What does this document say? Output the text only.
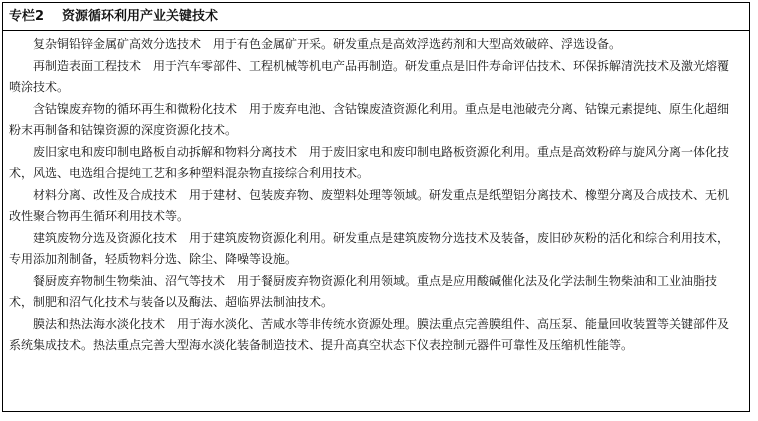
专栏2 资源循环利用产业关键技术

复杂铜铅锌金属矿高效分选技术 用于有色金属矿开采。研发重点是高效浮选药剂和大型高效破碎、浮选设备。

再制造表面工程技术 用于汽车零部件、工程机械等机电产品再制造。研发重点是旧件寿命评估技术、环保拆解清洗技术及激光熔覆喷涂技术。

含钴镍废弃物的循环再生和微粉化技术 用于废弃电池、含钴镍废渣资源化利用。重点是电池破壳分离、钴镍元素提纯、原生化超细粉末再制备和钴镍资源的深度资源化技术。

废旧家电和废印制电路板自动拆解和物料分离技术 用于废旧家电和废印制电路板资源化利用。重点是高效粉碎与旋风分离一体化技术，风选、电选组合提纯工艺和多种塑料混杂物直接综合利用技术。

材料分离、改性及合成技术 用于建材、包装废弃物、废塑料处理等领域。研发重点是纸塑铝分离技术、橡塑分离及合成技术、无机改性聚合物再生循环利用技术等。

建筑废物分选及资源化技术 用于建筑废物资源化利用。研发重点是建筑废物分选技术及装备，废旧砂灰粉的活化和综合利用技术，专用添加剂制备，轻质物料分选、除尘、降噪等设施。

餐厨废弃物制生物柴油、沼气等技术 用于餐厨废弃物资源化利用领域。重点是应用酸碱催化法及化学法制生物柴油和工业油脂技术，制肥和沼气化技术与装备以及酶法、超临界法制油技术。

膜法和热法海水淡化技术 用于海水淡化、苦咸水等非传统水资源处理。膜法重点完善膜组件、高压泵、能量回收装置等关键部件及系统集成技术。热法重点完善大型海水淡化装备制造技术、提升高真空状态下仪表控制元器件可靠性及压缩机性能等。
